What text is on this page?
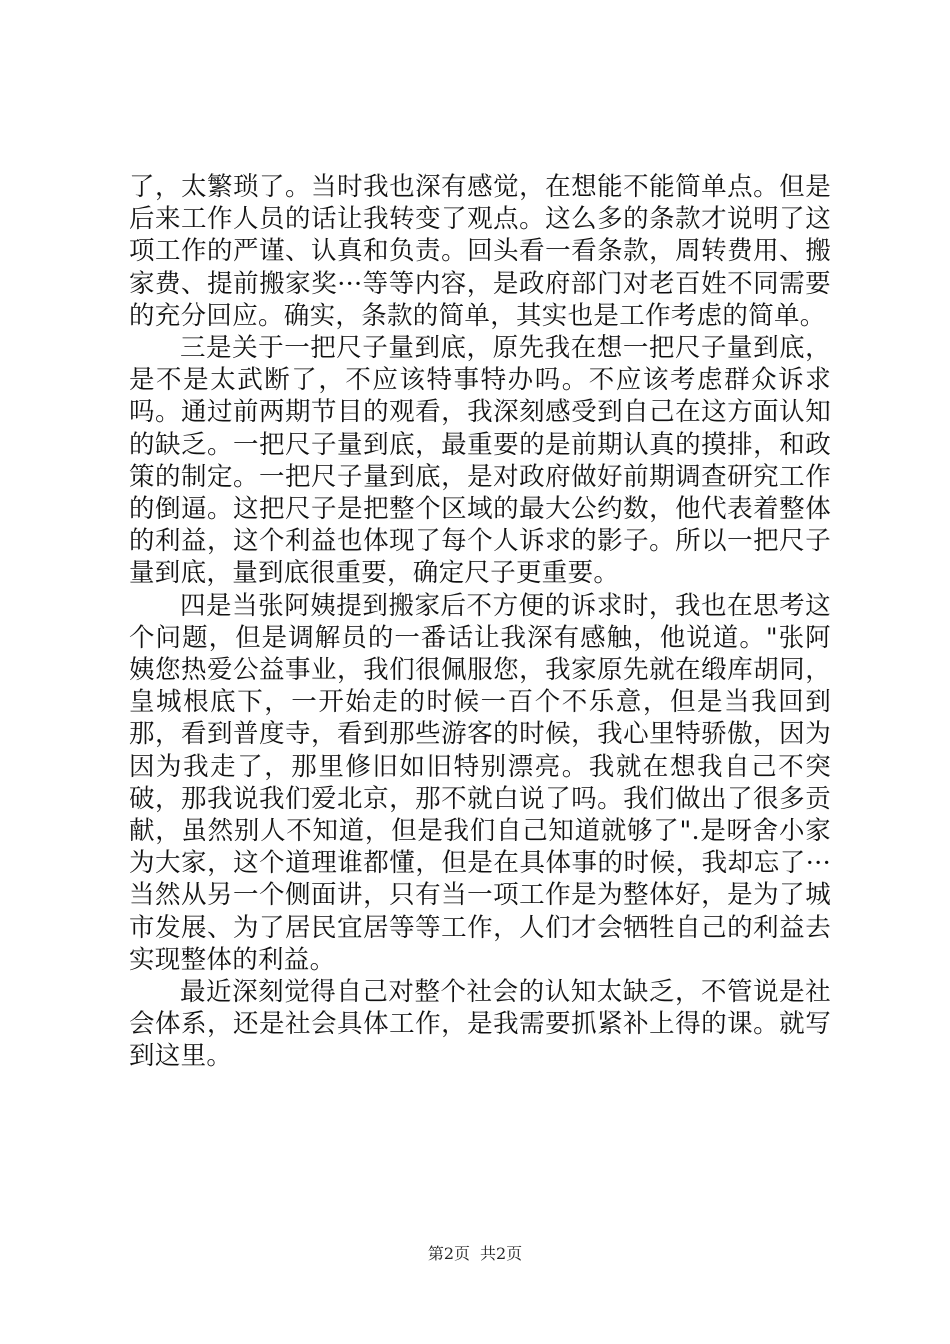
了，太繁琐了。当时我也深有感觉，在想能不能简单点。但是后来工作人员的话让我转变了观点。这么多的条款才说明了这项工作的严谨、认真和负责。回头看一看条款，周转费用、搬家费、提前搬家奖···等等内容，是政府部门对老百姓不同需要的充分回应。确实，条款的简单，其实也是工作考虑的简单。

三是关于一把尺子量到底，原先我在想一把尺子量到底，是不是太武断了，不应该特事特办吗。不应该考虑群众诉求吗。通过前两期节目的观看，我深刻感受到自己在这方面认知的缺乏。一把尺子量到底，最重要的是前期认真的摸排，和政策的制定。一把尺子量到底，是对政府做好前期调查研究工作的倒逼。这把尺子是把整个区域的最大公约数，他代表着整体的利益，这个利益也体现了每个人诉求的影子。所以一把尺子量到底，量到底很重要，确定尺子更重要。

四是当张阿姨提到搬家后不方便的诉求时，我也在思考这个问题，但是调解员的一番话让我深有感触，他说道。"张阿姨您热爱公益事业，我们很佩服您，我家原先就在缎库胡同，皇城根底下，一开始走的时候一百个不乐意，但是当我回到那，看到普度寺，看到那些游客的时候，我心里特骄傲，因为因为我走了，那里修旧如旧特别漂亮。我就在想我自己不突破，那我说我们爱北京，那不就白说了吗。我们做出了很多贡献，虽然别人不知道，但是我们自己知道就够了".是呀舍小家为大家，这个道理谁都懂，但是在具体事的时候，我却忘了···当然从另一个侧面讲，只有当一项工作是为整体好，是为了城市发展、为了居民宜居等等工作，人们才会牺牲自己的利益去实现整体的利益。

最近深刻觉得自己对整个社会的认知太缺乏，不管说是社会体系，还是社会具体工作，是我需要抓紧补上得的课。就写到这里。

第2页 共2页
